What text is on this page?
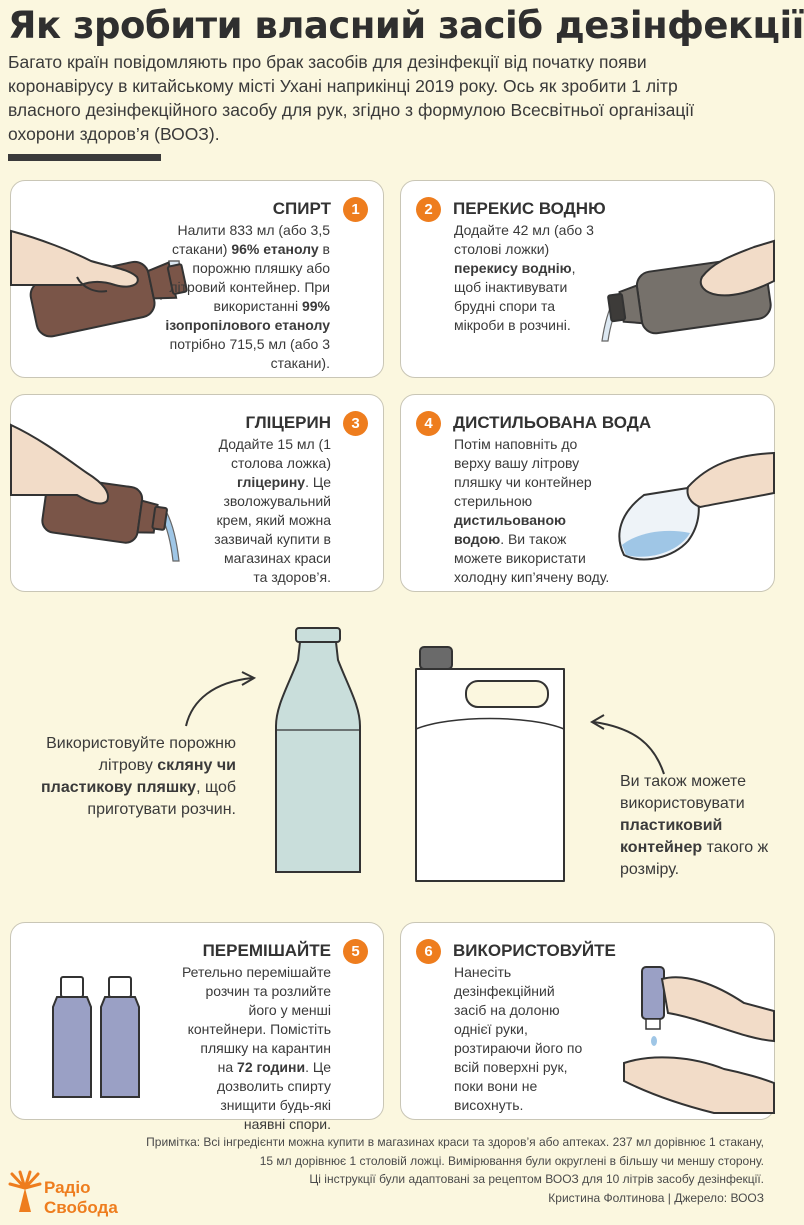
Як зробити власний засіб дезінфекції
Багато країн повідомляють про брак засобів для дезінфекції від початку появи коронавірусу в китайському місті Ухані наприкінці 2019 року. Ось як зробити 1 літр власного дезінфекційного засобу для рук, згідно з формулою Всесвітньої організації охорони здоров’я (ВООЗ).
СПИРТ	1
Налити 833 мл (або 3,5 стакани) 96% етанолу в порожню пляшку або літровий контейнер. При використанні 99% ізопропілового етанолу потрібно 715,5 мл (або 3 стакани).
2	ПЕРЕКИС ВОДНЮ
Додайте 42 мл (або 3 столові ложки) перекису воднію, щоб інактивувати брудні спори та мікроби в розчині.
ГЛІЦЕРИН	3
Додайте 15 мл (1 столова ложка) гліцерину. Це зволожувальний крем, який можна зазвичай купити в магазинах краси та здоров’я.
4	ДИСТИЛЬОВАНА ВОДА
Потім наповніть до верху вашу літрову пляшку чи контейнер стерильною дистильованою водою. Ви також можете використати холодну кип’ячену воду.
Використовуйте порожню літрову скляну чи пластикову пляшку, щоб приготувати розчин.
Ви також можете використовувати пластиковий контейнер такого ж розміру.
ПЕРЕМІШАЙТЕ	5
Ретельно перемішайте розчин та розлийте його у менші контейнери. Помістіть пляшку на карантин на 72 години. Це дозволить спирту знищити будь-які наявні спори.
6	ВИКОРИСТОВУЙТЕ
Нанесіть дезінфекційний засіб на долоню однієї руки, розтираючи його по всій поверхні рук, поки вони не висохнуть.
Примітка: Всі інгредієнти можна купити в магазинах краси та здоров’я або аптеках. 237 мл дорівнює 1 стакану,
15 мл дорівнює 1 столовій ложці. Вимірювання були округлені в більшу чи меншу сторону.
Ці інструкції були адаптовані за рецептом ВООЗ для 10 літрів засобу дезінфекції.
Кристина Фолтинова | Джерело: ВООЗ
Радіо
Свобода
